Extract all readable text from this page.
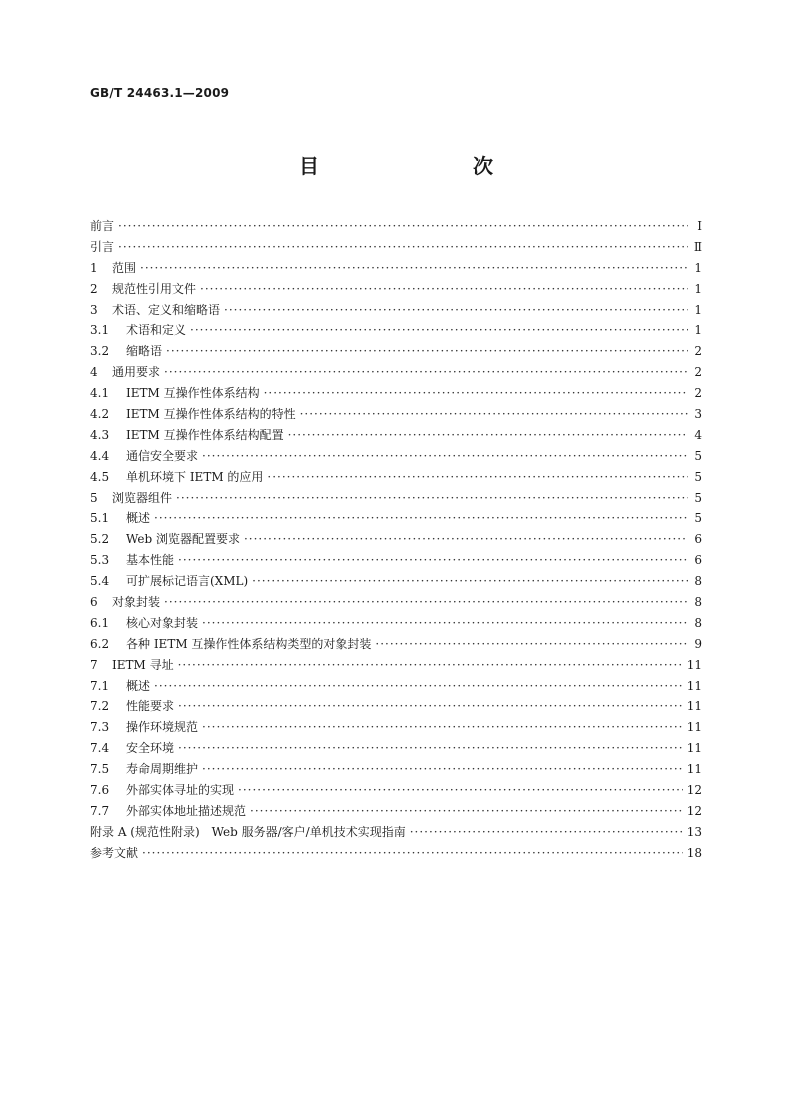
GB/T 24463.1—2009
目　　次
前言 ·····	Ⅰ
引言 ·····	Ⅱ
1	范围 ·····	1
2	规范性引用文件 ·····	1
3	术语、定义和缩略语 ·····	1
3.1	术语和定义 ·····	1
3.2	缩略语 ·····	2
4	通用要求 ·····	2
4.1	IETM 互操作性体系结构 ·····	2
4.2	IETM 互操作性体系结构的特性 ·····	3
4.3	IETM 互操作性体系结构配置 ·····	4
4.4	通信安全要求 ·····	5
4.5	单机环境下 IETM 的应用 ·····	5
5	浏览器组件 ·····	5
5.1	概述 ·····	5
5.2	Web 浏览器配置要求 ·····	6
5.3	基本性能 ·····	6
5.4	可扩展标记语言(XML) ·····	8
6	对象封装 ·····	8
6.1	核心对象封装 ·····	8
6.2	各种 IETM 互操作性体系结构类型的对象封装 ·····	9
7	IETM 寻址 ·····	11
7.1	概述 ·····	11
7.2	性能要求 ·····	11
7.3	操作环境规范 ·····	11
7.4	安全环境 ·····	11
7.5	寿命周期维护 ·····	11
7.6	外部实体寻址的实现 ·····	12
7.7	外部实体地址描述规范 ·····	12
附录 A (规范性附录)　Web 服务器/客户/单机技术实现指南 ·····	13
参考文献 ·····	18
